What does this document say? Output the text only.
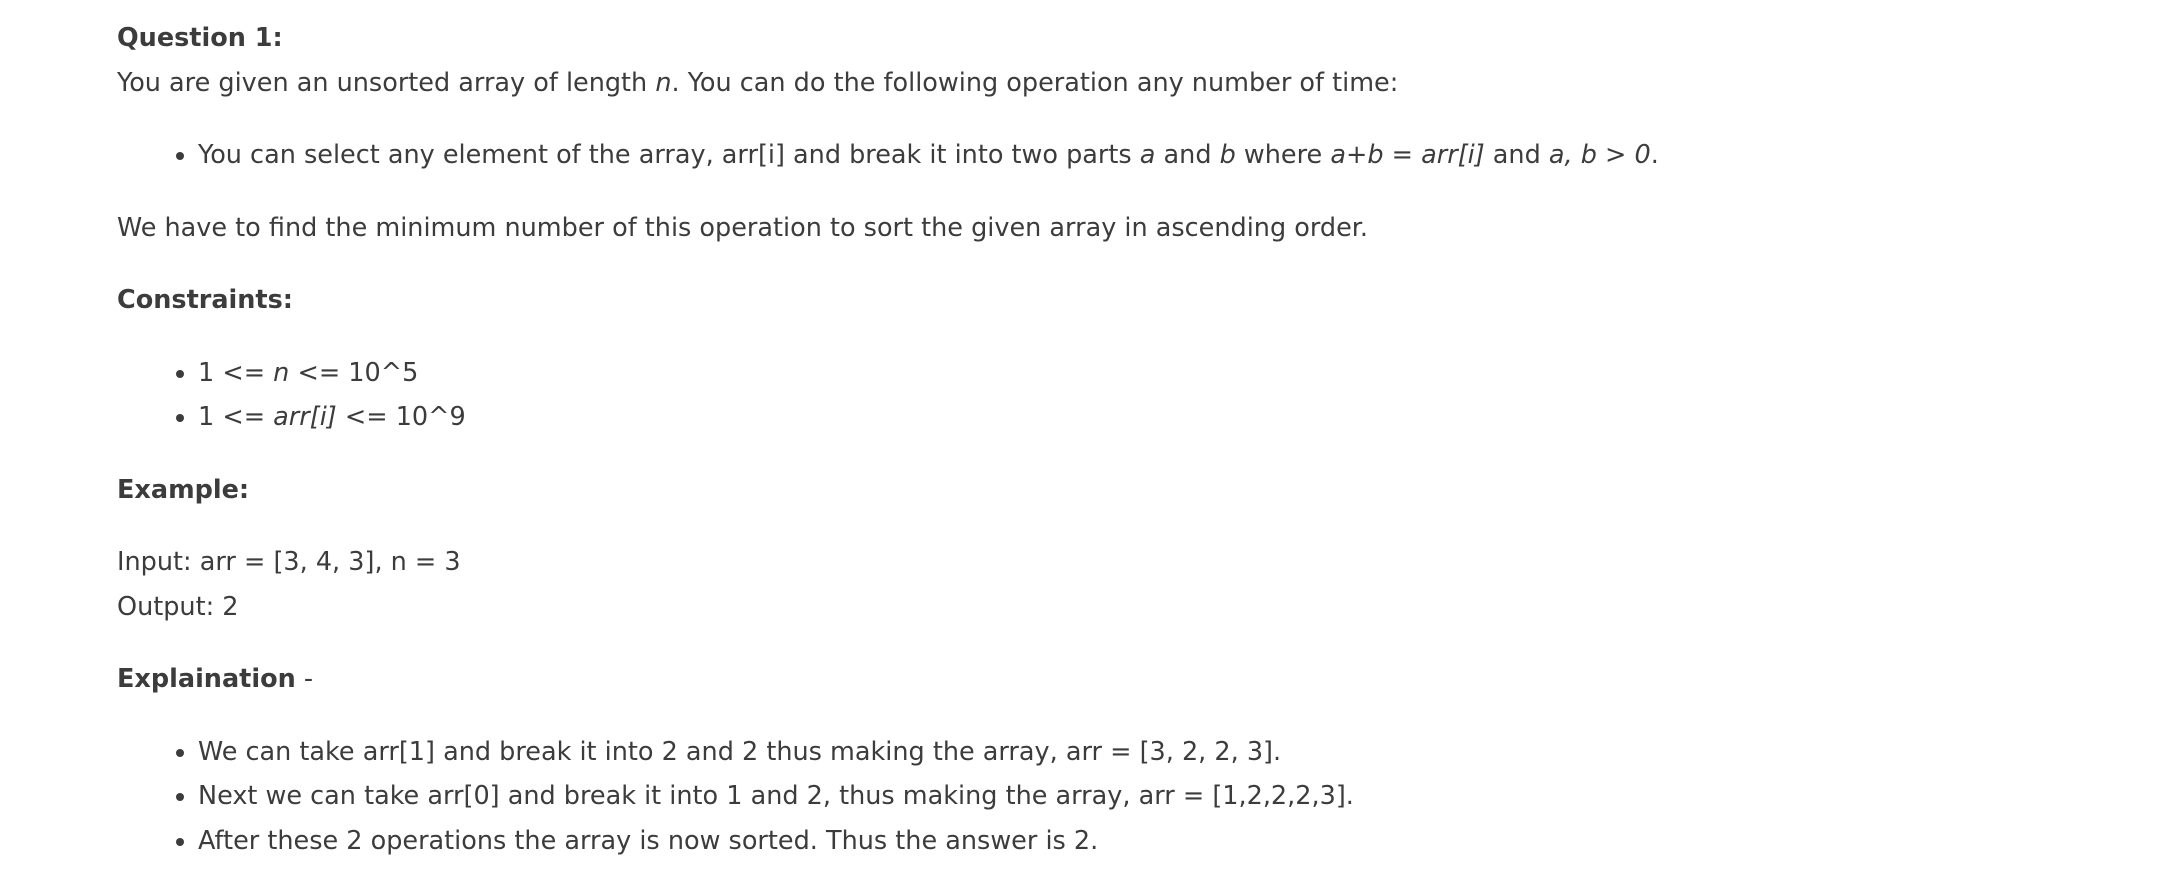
Question 1:

You are given an unsorted array of length n. You can do the following operation any number of time:

• You can select any element of the array, arr[i] and break it into two parts a and b where a+b = arr[i] and a, b > 0.

We have to find the minimum number of this operation to sort the given array in ascending order.

Constraints:

• 1 <= n <= 10^5
• 1 <= arr[i] <= 10^9

Example:

Input: arr = [3, 4, 3], n = 3

Output: 2

Explaination -

• We can take arr[1] and break it into 2 and 2 thus making the array, arr = [3, 2, 2, 3].
• Next we can take arr[0] and break it into 1 and 2, thus making the array, arr = [1,2,2,2,3].
• After these 2 operations the array is now sorted. Thus the answer is 2.
